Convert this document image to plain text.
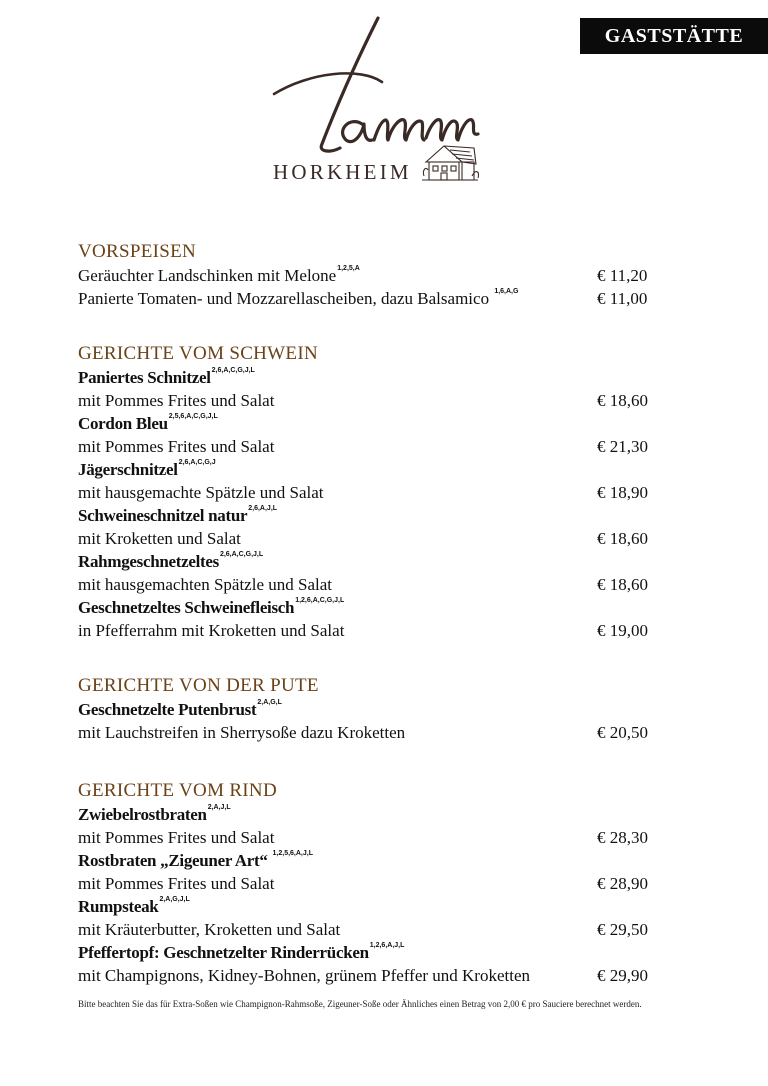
GASTSTÄTTE
HORKHEIM
VORSPEISEN
Geräuchter Landschinken mit Melone$^{1,2,5,A}$	€ 11,20
Panierte Tomaten- und Mozzarellascheiben, dazu Balsamico $^{1,6,A,G}$	€ 11,00
GERICHTE VOM SCHWEIN
Paniertes Schnitzel$^{2,6,A,C,G,J,L}$
mit Pommes Frites und Salat	€ 18,60
Cordon Bleu$^{2,5,6,A,C,G,J,L}$
mit Pommes Frites und Salat	€ 21,30
Jägerschnitzel$^{2,6,A,C,G,J}$
mit hausgemachte Spätzle und Salat	€ 18,90
Schweineschnitzel natur$^{2,6,A,J,L}$
mit Kroketten und Salat	€ 18,60
Rahmgeschnetzeltes$^{2,6,A,C,G,J,L}$
mit hausgemachten Spätzle und Salat	€ 18,60
Geschnetzeltes Schweinefleisch$^{1,2,6,A,C,G,J,L}$
in Pfefferrahm mit Kroketten und Salat	€ 19,00
GERICHTE VON DER PUTE
Geschnetzelte Putenbrust$^{2,A,G,L}$
mit Lauchstreifen in Sherrysoße dazu Kroketten	€ 20,50
GERICHTE VOM RIND
Zwiebelrostbraten$^{2,A,J,L}$
mit Pommes Frites und Salat	€ 28,30
Rostbraten „Zigeuner Art“ $^{1,2,5,6,A,J,L}$
mit Pommes Frites und Salat	€ 28,90
Rumpsteak$^{2,A,G,J,L}$
mit Kräuterbutter, Kroketten und Salat	€ 29,50
Pfeffertopf: Geschnetzelter Rinderrücken$^{1,2,6,A,J,L}$
mit Champignons, Kidney-Bohnen, grünem Pfeffer und Kroketten	€ 29,90
Bitte beachten Sie das für Extra-Soßen wie Champignon-Rahmsoße, Zigeuner-Soße oder Ähnliches einen Betrag von 2,00 € pro Sauciere berechnet werden.
